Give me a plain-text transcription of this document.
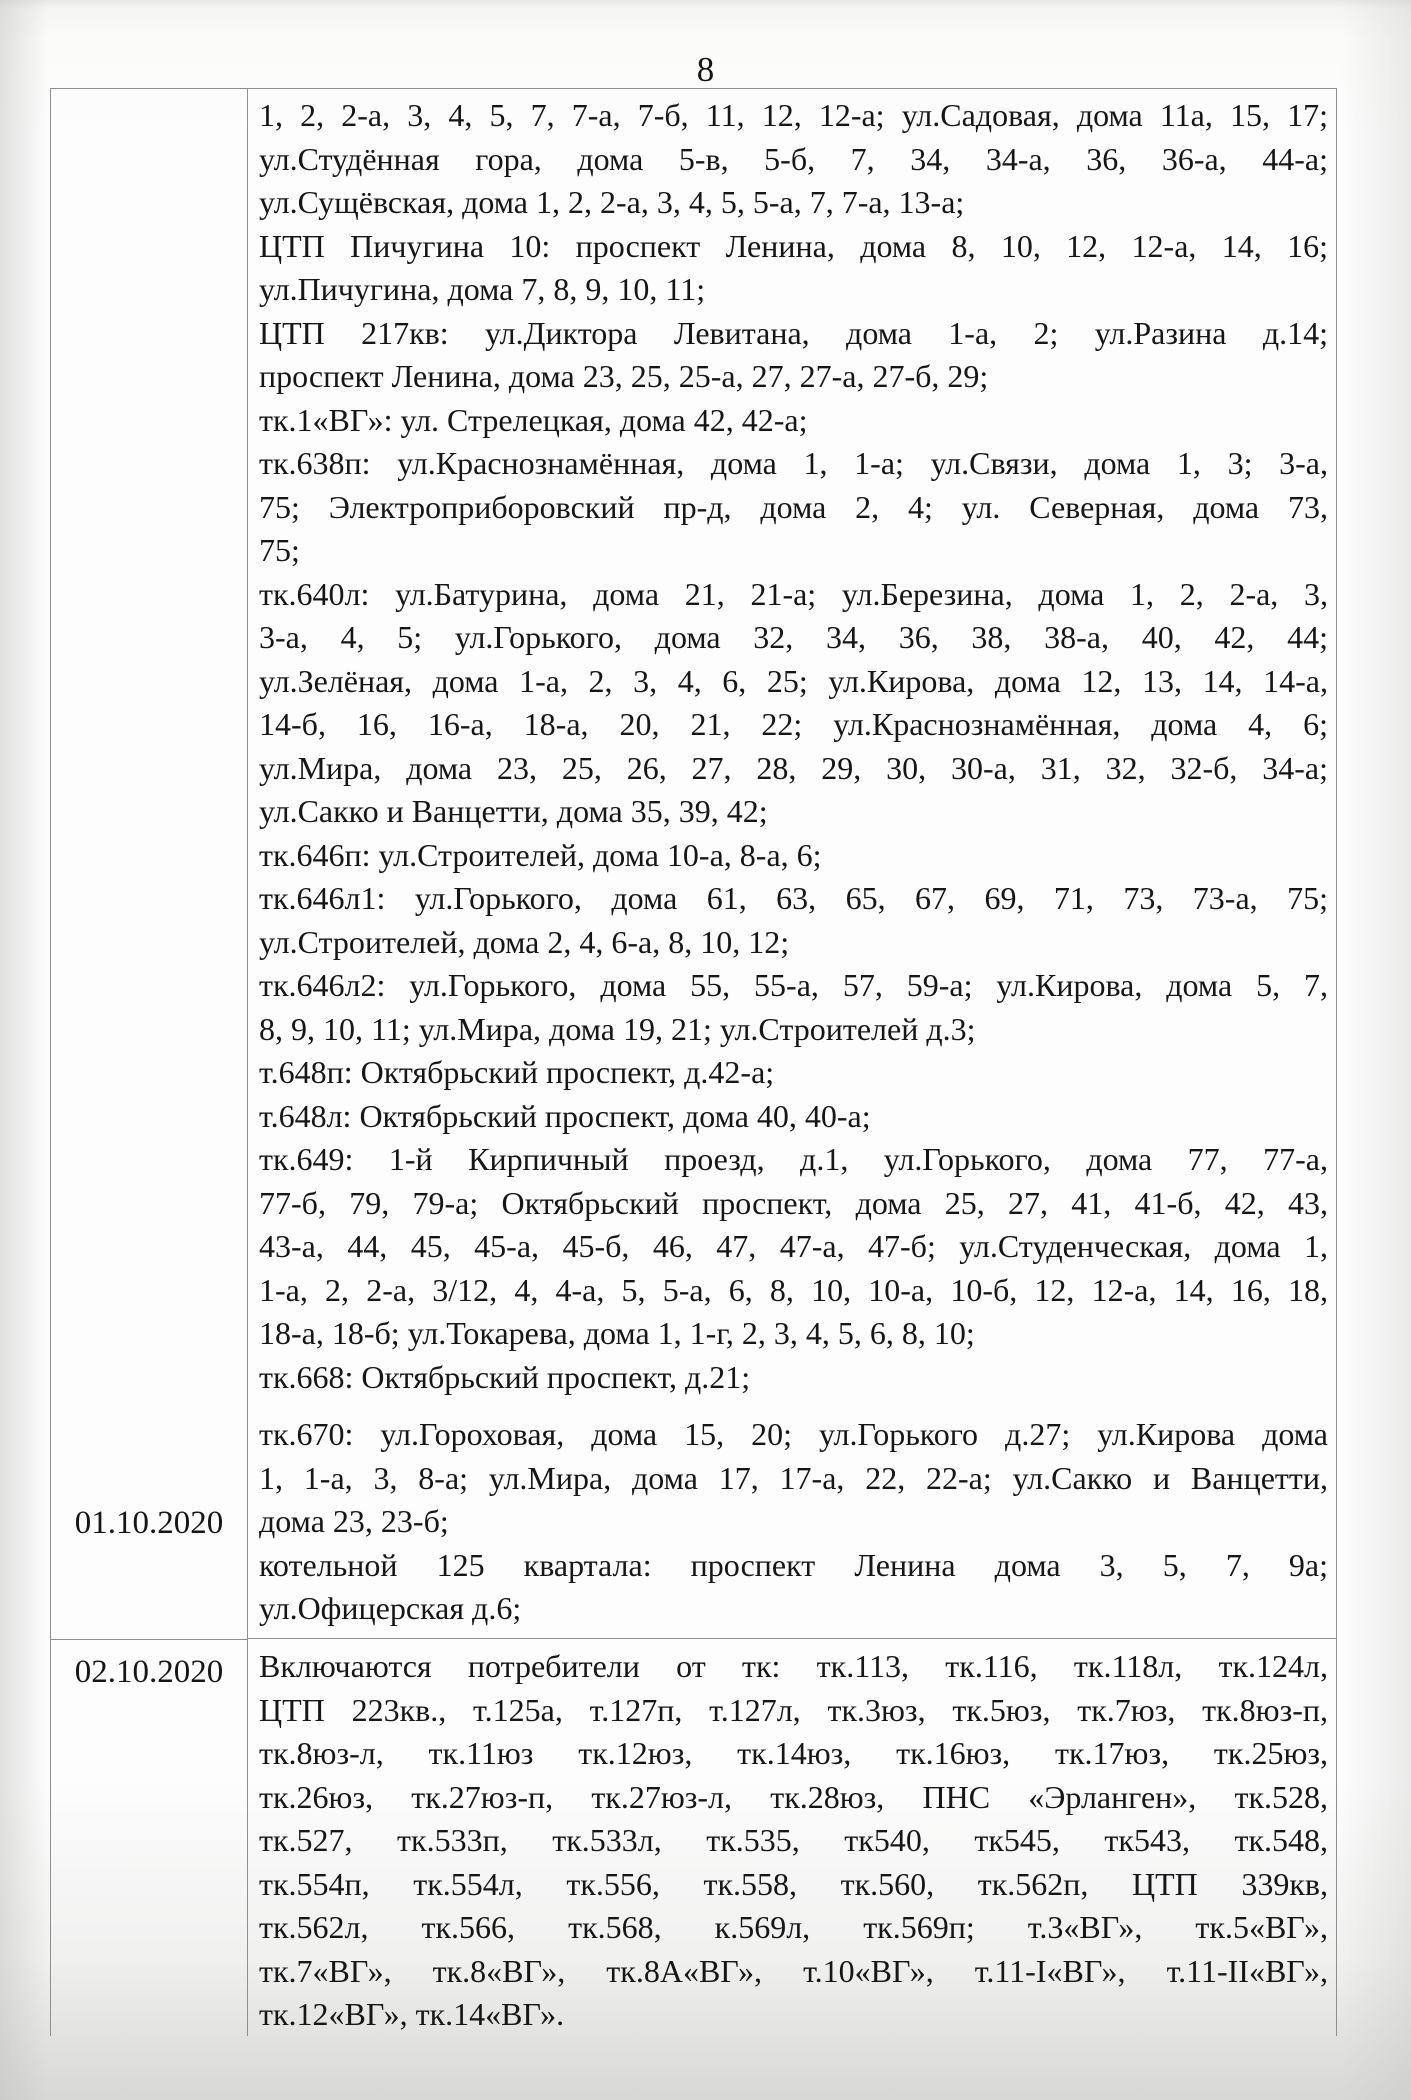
8
1, 2, 2-а, 3, 4, 5, 7, 7-а, 7-б, 11, 12, 12-а; ул.Садовая, дома 11а, 15, 17;
ул.Студённая гора, дома 5-в, 5-б, 7, 34, 34-а, 36, 36-а, 44-а;
ул.Сущёвская, дома 1, 2, 2-а, 3, 4, 5, 5-а, 7, 7-а, 13-а;
ЦТП Пичугина 10: проспект Ленина, дома 8, 10, 12, 12-а, 14, 16;
ул.Пичугина, дома 7, 8, 9, 10, 11;
ЦТП 217кв: ул.Диктора Левитана, дома 1-а, 2; ул.Разина д.14;
проспект Ленина, дома 23, 25, 25-а, 27, 27-а, 27-б, 29;
тк.1«ВГ»: ул. Стрелецкая, дома 42, 42-а;
тк.638п: ул.Краснознамённая, дома 1, 1-а; ул.Связи, дома 1, 3; 3-а,
75; Электроприборовский пр-д, дома 2, 4; ул. Северная, дома 73,
75;
тк.640л: ул.Батурина, дома 21, 21-а; ул.Березина, дома 1, 2, 2-а, 3,
3-а, 4, 5; ул.Горького, дома 32, 34, 36, 38, 38-а, 40, 42, 44;
ул.Зелёная, дома 1-а, 2, 3, 4, 6, 25; ул.Кирова, дома 12, 13, 14, 14-а,
14-б, 16, 16-а, 18-а, 20, 21, 22; ул.Краснознамённая, дома 4, 6;
ул.Мира, дома 23, 25, 26, 27, 28, 29, 30, 30-а, 31, 32, 32-б, 34-а;
ул.Сакко и Ванцетти, дома 35, 39, 42;
тк.646п: ул.Строителей, дома 10-а, 8-а, 6;
тк.646л1: ул.Горького, дома 61, 63, 65, 67, 69, 71, 73, 73-а, 75;
ул.Строителей, дома 2, 4, 6-а, 8, 10, 12;
тк.646л2: ул.Горького, дома 55, 55-а, 57, 59-а; ул.Кирова, дома 5, 7,
8, 9, 10, 11; ул.Мира, дома 19, 21; ул.Строителей д.3;
т.648п: Октябрьский проспект, д.42-а;
т.648л: Октябрьский проспект, дома 40, 40-а;
тк.649: 1-й Кирпичный проезд, д.1, ул.Горького, дома 77, 77-а,
77-б, 79, 79-а; Октябрьский проспект, дома 25, 27, 41, 41-б, 42, 43,
43-а, 44, 45, 45-а, 45-б, 46, 47, 47-а, 47-б; ул.Студенческая, дома 1,
1-а, 2, 2-а, 3/12, 4, 4-а, 5, 5-а, 6, 8, 10, 10-а, 10-б, 12, 12-а, 14, 16, 18,
18-а, 18-б; ул.Токарева, дома 1, 1-г, 2, 3, 4, 5, 6, 8, 10;
тк.668: Октябрьский проспект, д.21;
01.10.2020
тк.670: ул.Гороховая, дома 15, 20; ул.Горького д.27; ул.Кирова дома
1, 1-а, 3, 8-а; ул.Мира, дома 17, 17-а, 22, 22-а; ул.Сакко и Ванцетти,
дома 23, 23-б;
котельной 125 квартала: проспект Ленина дома 3, 5, 7, 9а;
ул.Офицерская д.6;
02.10.2020 Включаются потребители от тк: тк.113, тк.116, тк.118л, тк.124л,
ЦТП 223кв., т.125а, т.127п, т.127л, тк.3юз, тк.5юз, тк.7юз, тк.8юз-п,
тк.8юз-л, тк.11юз тк.12юз, тк.14юз, тк.16юз, тк.17юз, тк.25юз,
тк.26юз, тк.27юз-п, тк.27юз-л, тк.28юз, ПНС «Эрланген», тк.528,
тк.527, тк.533п, тк.533л, тк.535, тк540, тк545, тк543, тк.548,
тк.554п, тк.554л, тк.556, тк.558, тк.560, тк.562п, ЦТП 339кв,
тк.562л, тк.566, тк.568, к.569л, тк.569п; т.3«ВГ», тк.5«ВГ»,
тк.7«ВГ», тк.8«ВГ», тк.8А«ВГ», т.10«ВГ», т.11-I«ВГ», т.11-II«ВГ»,
тк.12«ВГ», тк.14«ВГ».
